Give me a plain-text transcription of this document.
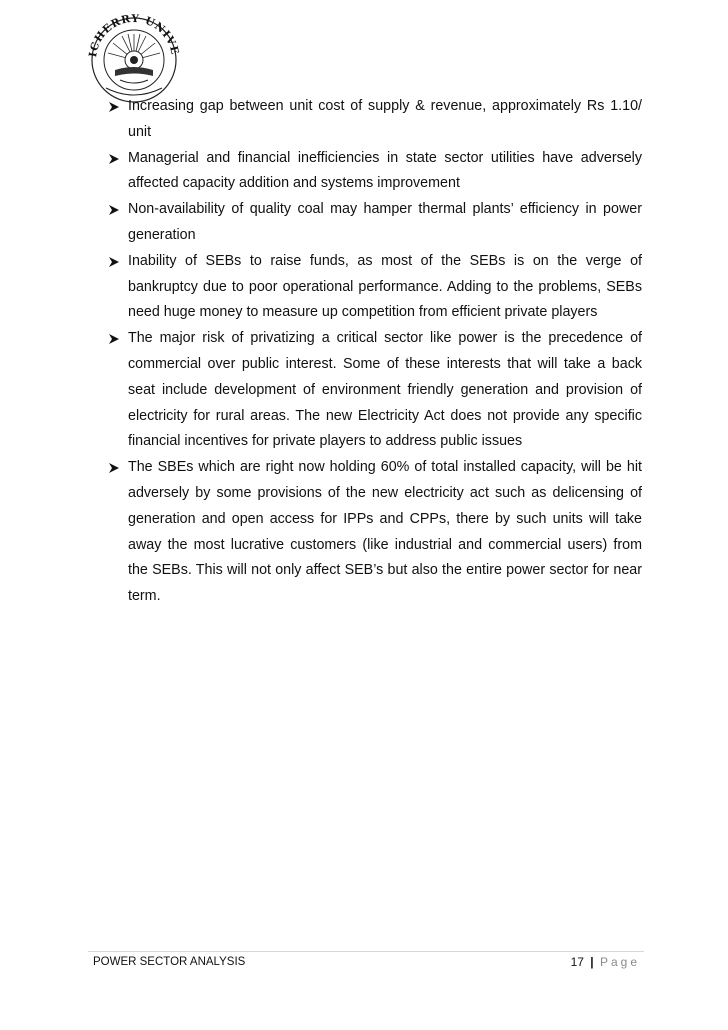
ICHERRY UNIVE
Increasing gap between unit cost of supply & revenue, approximately Rs 1.10/ unit
Managerial and financial inefficiencies in state sector utilities have adversely affected capacity addition and systems improvement
Non-availability of quality coal may hamper thermal plants’ efficiency in power generation
Inability of SEBs to raise funds, as most of the SEBs is on the verge of bankruptcy due to poor operational performance. Adding to the problems, SEBs need huge money to measure up competition from efficient private players
The major risk of privatizing a critical sector like power is the precedence of commercial over public interest. Some of these interests that will take a back seat include development of environment friendly generation and provision of electricity for rural areas. The new Electricity Act does not provide any specific financial incentives for private players to address public issues
The SBEs which are right now holding 60% of total installed capacity, will be hit adversely by some provisions of the new electricity act such as delicensing of generation and open access for IPPs and CPPs, there by such units will take away the most lucrative customers (like industrial and commercial users) from the SEBs. This will not only affect SEB’s but also the entire power sector for near term.
POWER SECTOR ANALYSIS	17 | Page
